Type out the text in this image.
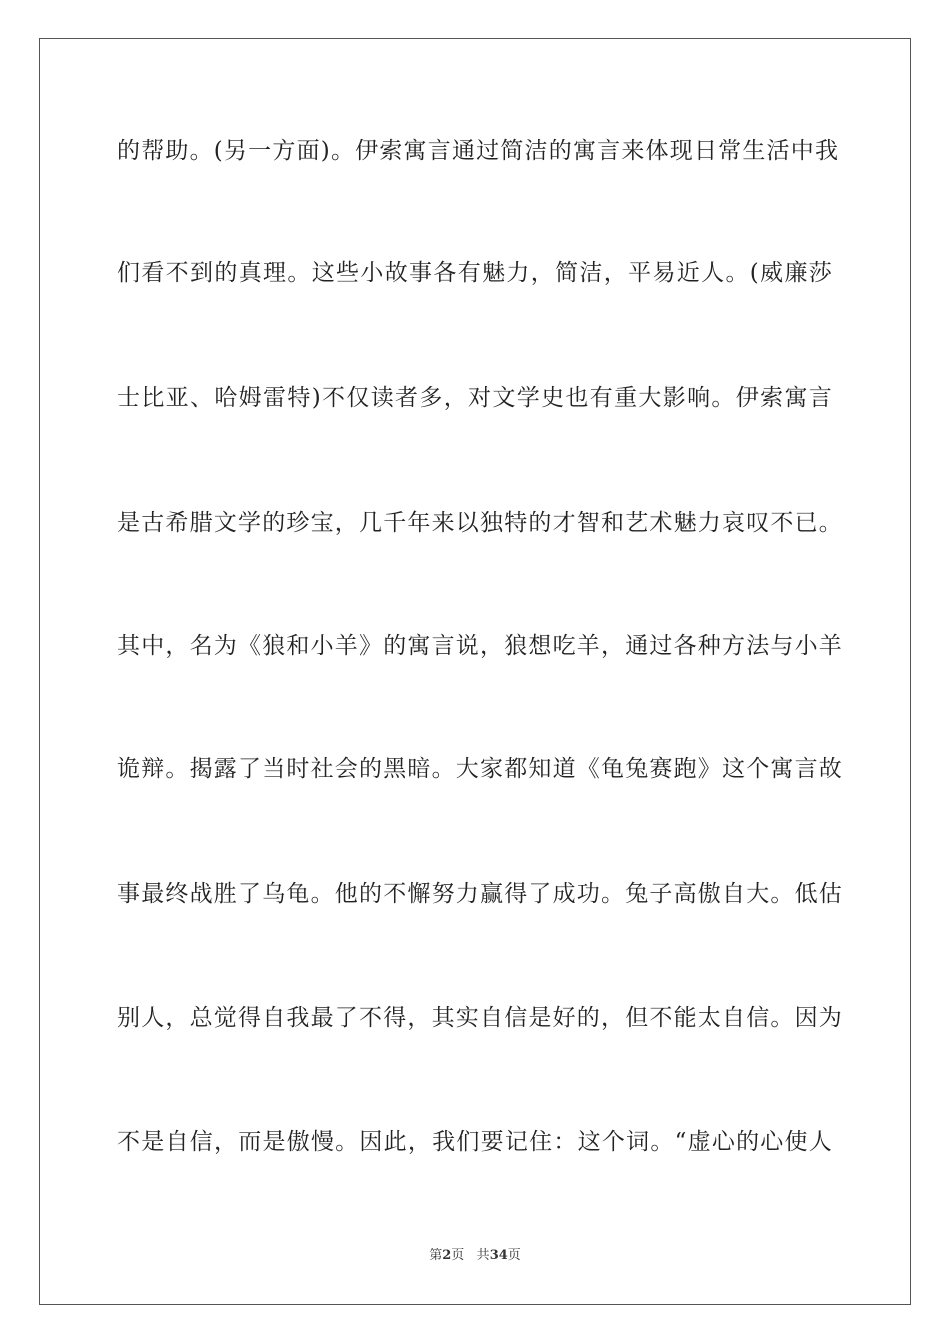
的帮助。(另一方面)。伊索寓言通过简洁的寓言来体现日常生活中我
们看不到的真理。这些小故事各有魅力，简洁，平易近人。(威廉莎
士比亚、哈姆雷特)不仅读者多，对文学史也有重大影响。伊索寓言
是古希腊文学的珍宝，几千年来以独特的才智和艺术魅力哀叹不已。
其中，名为《狼和小羊》的寓言说，狼想吃羊，通过各种方法与小羊
诡辩。揭露了当时社会的黑暗。大家都知道《龟兔赛跑》这个寓言故
事最终战胜了乌龟。他的不懈努力赢得了成功。兔子高傲自大。低估
别人，总觉得自我最了不得，其实自信是好的，但不能太自信。因为
不是自信，而是傲慢。因此，我们要记住：这个词。“虚心的心使人
第2页 共34页
